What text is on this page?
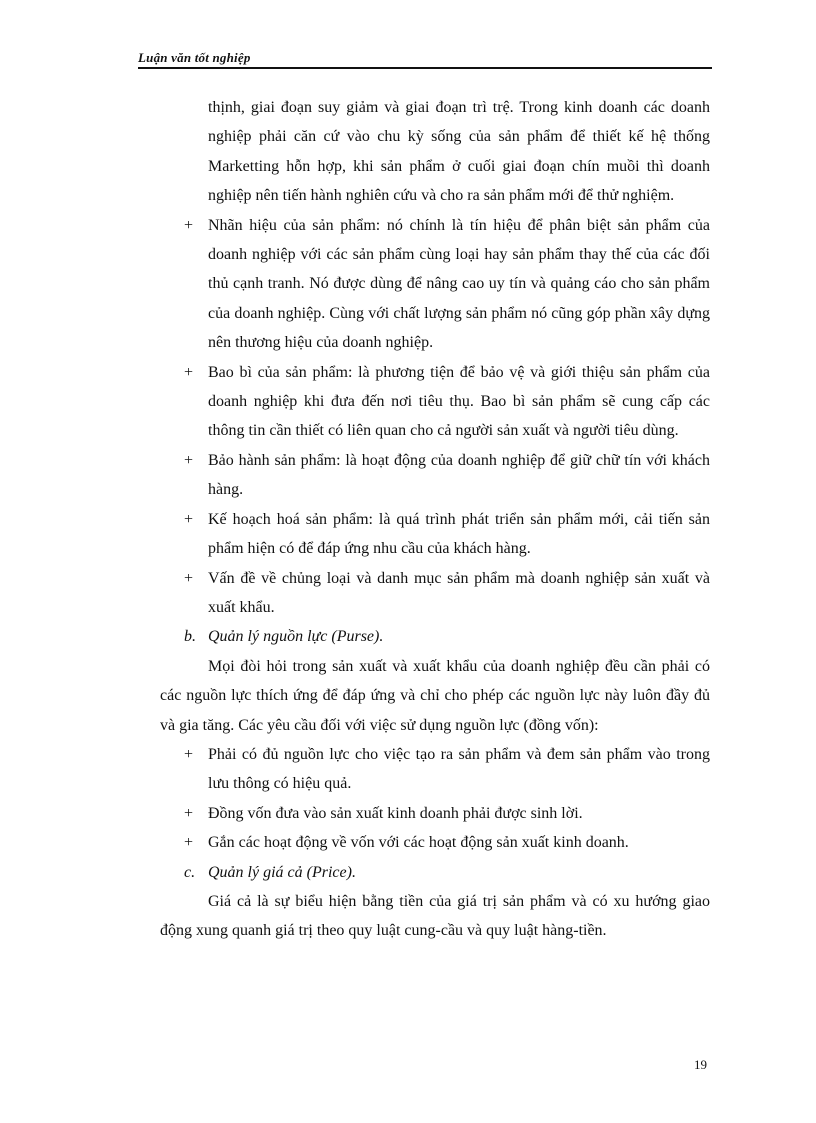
Luận văn tốt nghiệp

thịnh, giai đoạn suy giảm và giai đoạn trì trệ. Trong kinh doanh các doanh nghiệp phải căn cứ vào chu kỳ sống của sản phẩm để thiết kế hệ thống Marketting hỗn hợp, khi sản phẩm ở cuối giai đoạn chín muồi thì doanh nghiệp nên tiến hành nghiên cứu và cho ra sản phẩm mới để thử nghiệm.

+ Nhãn hiệu của sản phẩm: nó chính là tín hiệu để phân biệt sản phẩm của doanh nghiệp với các sản phẩm cùng loại hay sản phẩm thay thế của các đối thủ cạnh tranh. Nó được dùng để nâng cao uy tín và quảng cáo cho sản phẩm của doanh nghiệp. Cùng với chất lượng sản phẩm nó cũng góp phần xây dựng nên thương hiệu của doanh nghiệp.

+ Bao bì của sản phẩm: là phương tiện để bảo vệ và giới thiệu sản phẩm của doanh nghiệp khi đưa đến nơi tiêu thụ. Bao bì sản phẩm sẽ cung cấp các thông tin cần thiết có liên quan cho cả người sản xuất và người tiêu dùng.

+ Bảo hành sản phẩm: là hoạt động của doanh nghiệp để giữ chữ tín với khách hàng.

+ Kế hoạch hoá sản phẩm: là quá trình phát triển sản phẩm mới, cải tiến sản phẩm hiện có để đáp ứng nhu cầu của khách hàng.

+ Vấn đề về chủng loại và danh mục sản phẩm mà doanh nghiệp sản xuất và xuất khẩu.

b. Quản lý nguồn lực (Purse).

Mọi đòi hỏi trong sản xuất và xuất khẩu của doanh nghiệp đều cần phải có các nguồn lực thích ứng để đáp ứng và chỉ cho phép các nguồn lực này luôn đầy đủ và gia tăng. Các yêu cầu đối với việc sử dụng nguồn lực (đồng vốn):

+ Phải có đủ nguồn lực cho việc tạo ra sản phẩm và đem sản phẩm vào trong lưu thông có hiệu quả.

+ Đồng vốn đưa vào sản xuất kinh doanh phải được sinh lời.

+ Gắn các hoạt động về vốn với các hoạt động sản xuất kinh doanh.

c. Quản lý giá cả (Price).

Giá cả là sự biểu hiện bằng tiền của giá trị sản phẩm và có xu hướng giao động xung quanh giá trị theo quy luật cung-cầu và quy luật hàng-tiền.

19
